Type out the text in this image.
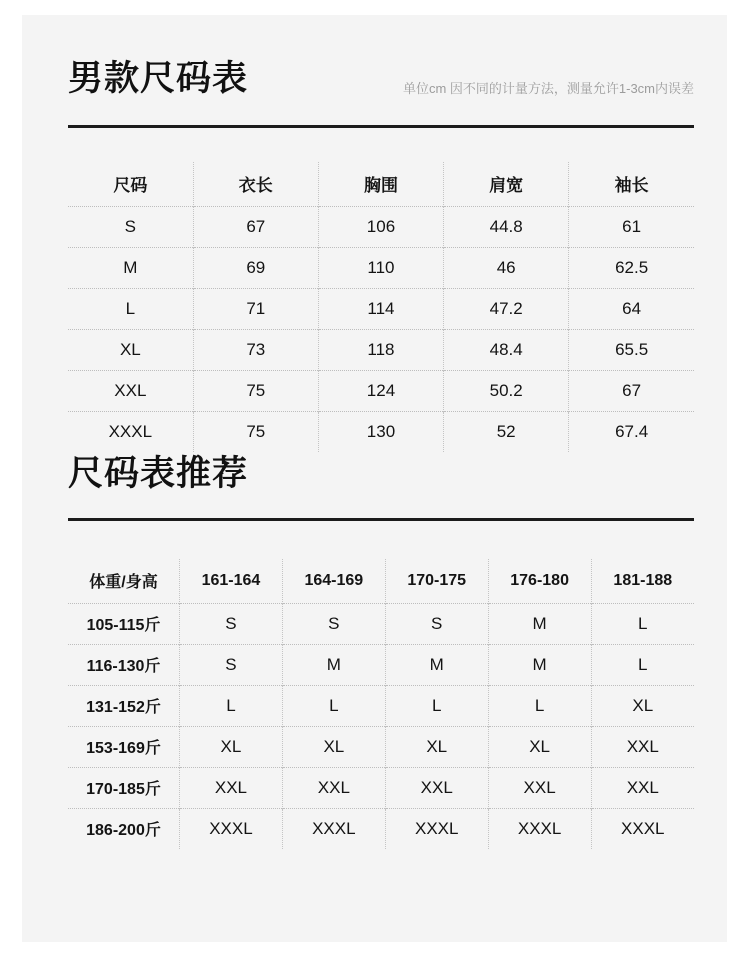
男款尺码表	单位cm 因不同的计量方法，测量允许1-3cm内误差
尺码	衣长	胸围	肩宽	袖长
S	67	106	44.8	61
M	69	110	46	62.5
L	71	114	47.2	64
XL	73	118	48.4	65.5
XXL	75	124	50.2	67
XXXL	75	130	52	67.4
尺码表推荐
体重/身高	161-164	164-169	170-175	176-180	181-188
105-115斤	S	S	S	M	L
116-130斤	S	M	M	M	L
131-152斤	L	L	L	L	XL
153-169斤	XL	XL	XL	XL	XXL
170-185斤	XXL	XXL	XXL	XXL	XXL
186-200斤	XXXL	XXXL	XXXL	XXXL	XXXL
